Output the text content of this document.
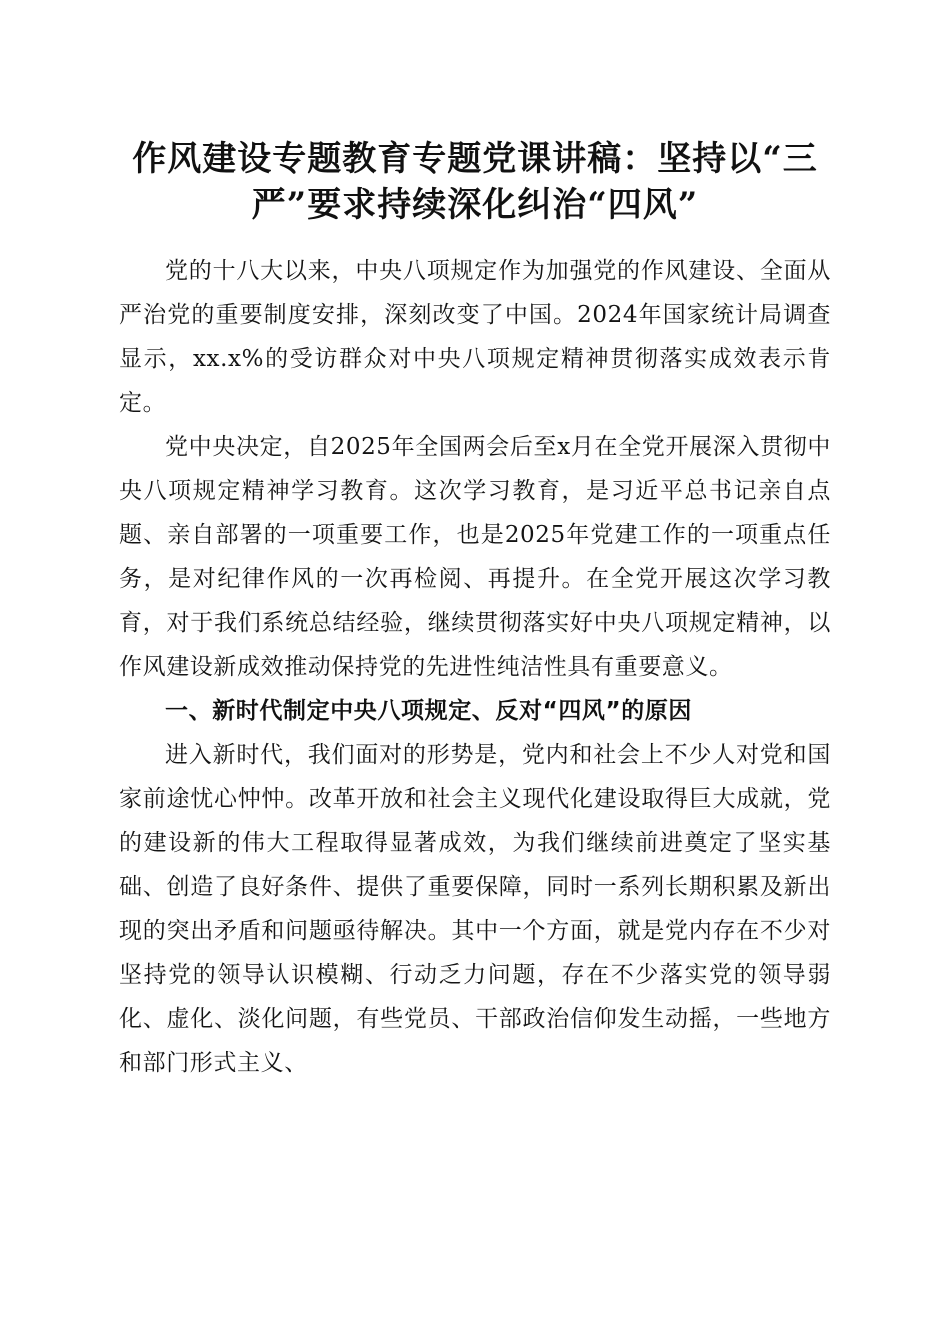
作风建设专题教育专题党课讲稿：坚持以“三
严”要求持续深化纠治“四风”

党的十八大以来，中央八项规定作为加强党的作风建设、全面从严治党的重要制度安排，深刻改变了中国。2024年国家统计局调查显示，xx.x%的受访群众对中央八项规定精神贯彻落实成效表示肯定。

党中央决定，自2025年全国两会后至x月在全党开展深入贯彻中央八项规定精神学习教育。这次学习教育，是习近平总书记亲自点题、亲自部署的一项重要工作，也是2025年党建工作的一项重点任务，是对纪律作风的一次再检阅、再提升。在全党开展这次学习教育，对于我们系统总结经验，继续贯彻落实好中央八项规定精神，以作风建设新成效推动保持党的先进性纯洁性具有重要意义。

一、新时代制定中央八项规定、反对“四风”的原因

进入新时代，我们面对的形势是，党内和社会上不少人对党和国家前途忧心忡忡。改革开放和社会主义现代化建设取得巨大成就，党的建设新的伟大工程取得显著成效，为我们继续前进奠定了坚实基础、创造了良好条件、提供了重要保障，同时一系列长期积累及新出现的突出矛盾和问题亟待解决。其中一个方面，就是党内存在不少对坚持党的领导认识模糊、行动乏力问题，存在不少落实党的领导弱化、虚化、淡化问题，有些党员、干部政治信仰发生动摇，一些地方和部门形式主义、
